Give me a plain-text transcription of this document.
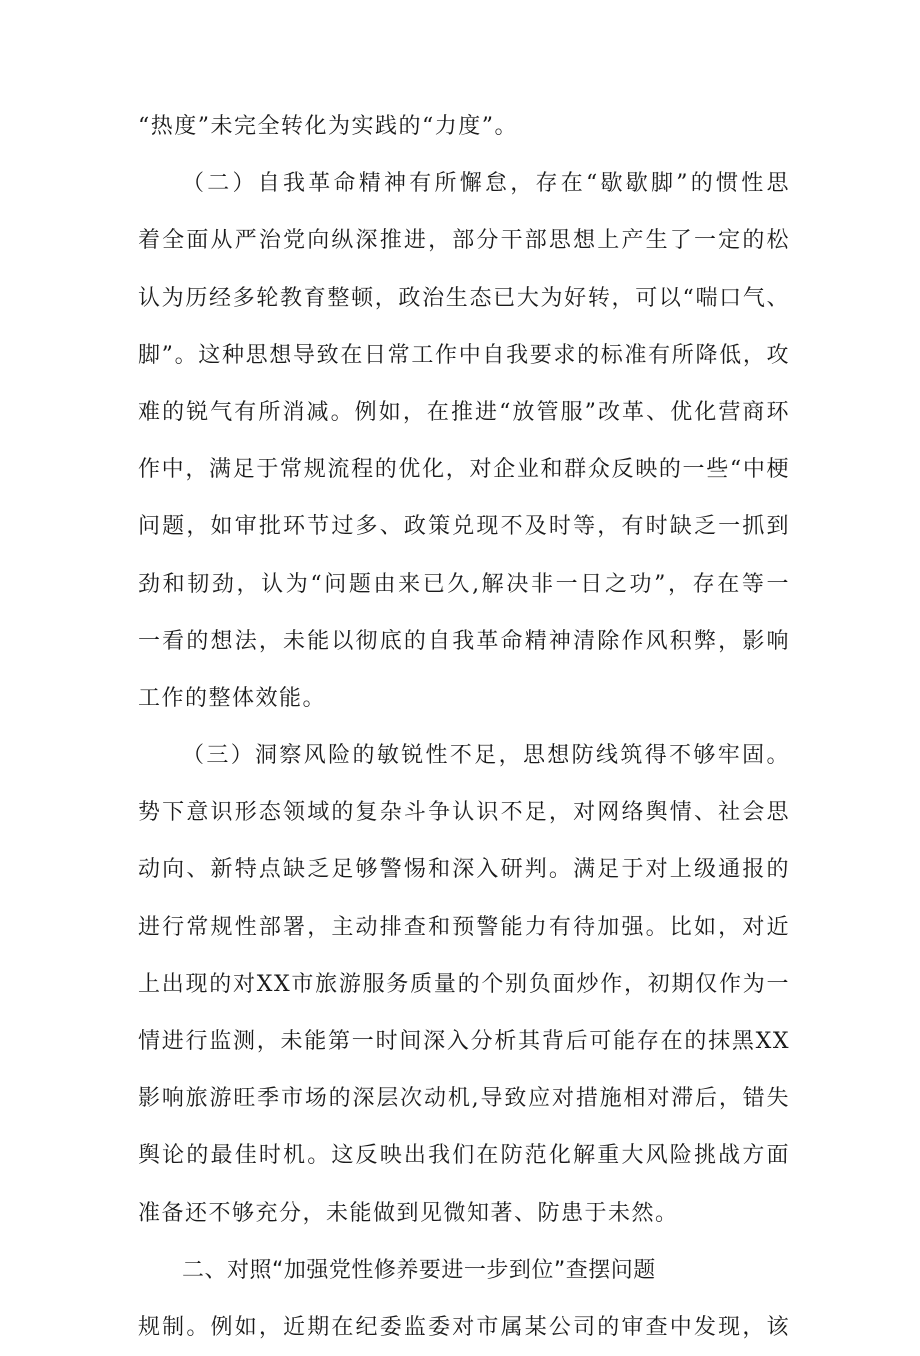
“热度”未完全转化为实践的“力度”。
（二）自我革命精神有所懈怠，存在“歇歇脚”的惯性思
着全面从严治党向纵深推进，部分干部思想上产生了一定的松
认为历经多轮教育整顿，政治生态已大为好转，可以“喘口气、
脚”。这种思想导致在日常工作中自我要求的标准有所降低，攻
难的锐气有所消减。例如，在推进“放管服”改革、优化营商环
作中，满足于常规流程的优化，对企业和群众反映的一些“中梗
问题，如审批环节过多、政策兑现不及时等，有时缺乏一抓到
劲和韧劲，认为“问题由来已久,解决非一日之功”，存在等一
一看的想法，未能以彻底的自我革命精神清除作风积弊，影响
工作的整体效能。
（三）洞察风险的敏锐性不足，思想防线筑得不够牢固。
势下意识形态领域的复杂斗争认识不足，对网络舆情、社会思
动向、新特点缺乏足够警惕和深入研判。满足于对上级通报的
进行常规性部署，主动排查和预警能力有待加强。比如，对近
上出现的对XX市旅游服务质量的个别负面炒作，初期仅作为一
情进行监测，未能第一时间深入分析其背后可能存在的抹黑XX
影响旅游旺季市场的深层次动机,导致应对措施相对滞后，错失
舆论的最佳时机。这反映出我们在防范化解重大风险挑战方面
准备还不够充分，未能做到见微知著、防患于未然。
二、对照“加强党性修养要进一步到位”查摆问题
规制。例如，近期在纪委监委对市属某公司的审查中发现，该
